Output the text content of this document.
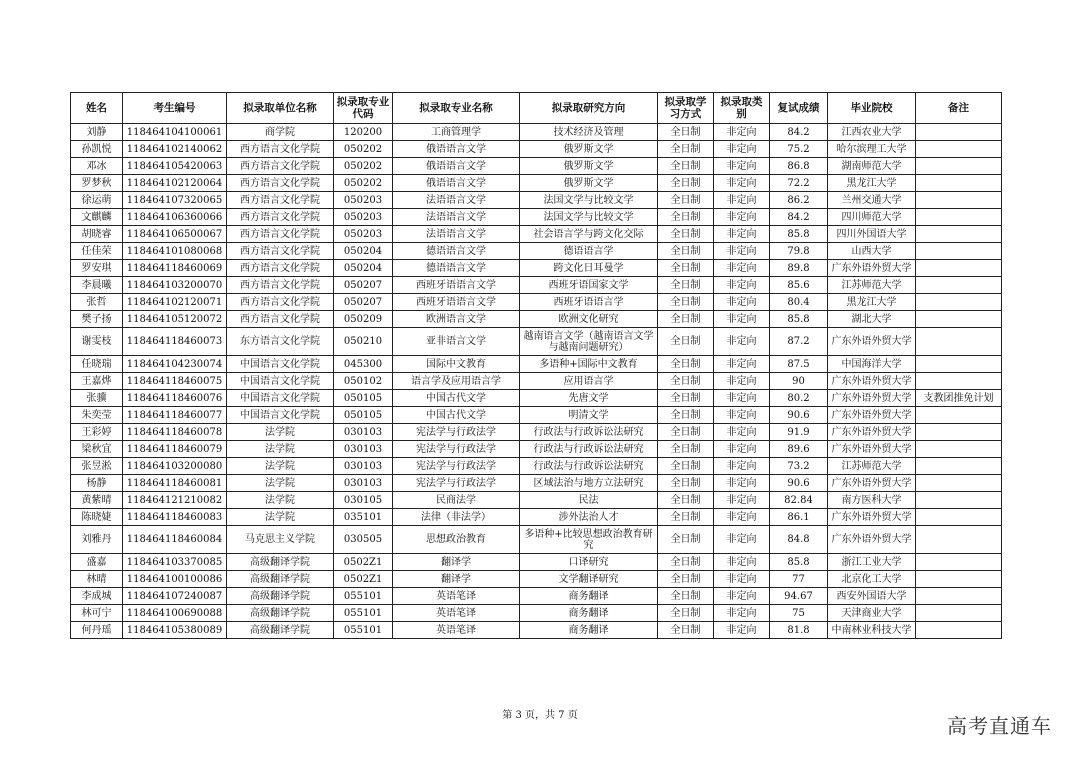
姓名	考生编号	拟录取单位名称	拟录取专业代码	拟录取专业名称	拟录取研究方向	拟录取学习方式	拟录取类别	复试成绩	毕业院校	备注
刘静	118464104100061	商学院	120200	工商管理学	技术经济及管理	全日制	非定向	84.2	江西农业大学	
孙凯悦	118464102140062	西方语言文化学院	050202	俄语语言文学	俄罗斯文学	全日制	非定向	75.2	哈尔滨理工大学	
邓冰	118464105420063	西方语言文化学院	050202	俄语语言文学	俄罗斯文学	全日制	非定向	86.8	湖南师范大学	
罗梦秋	118464102120064	西方语言文化学院	050202	俄语语言文学	俄罗斯文学	全日制	非定向	72.2	黑龙江大学	
徐运萌	118464107320065	西方语言文化学院	050203	法语语言文学	法国文学与比较文学	全日制	非定向	86.2	兰州交通大学	
文麒麟	118464106360066	西方语言文化学院	050203	法语语言文学	法国文学与比较文学	全日制	非定向	84.2	四川师范大学	
胡晓睿	118464106500067	西方语言文化学院	050203	法语语言文学	社会语言学与跨文化交际	全日制	非定向	85.8	四川外国语大学	
任佳荣	118464101080068	西方语言文化学院	050204	德语语言文学	德语语言学	全日制	非定向	79.8	山西大学	
罗安琪	118464118460069	西方语言文化学院	050204	德语语言文学	跨文化日耳曼学	全日制	非定向	89.8	广东外语外贸大学	
李晨曦	118464103200070	西方语言文化学院	050207	西班牙语语言文学	西班牙语国家文学	全日制	非定向	85.6	江苏师范大学	
张哲	118464102120071	西方语言文化学院	050207	西班牙语语言文学	西班牙语语言学	全日制	非定向	80.4	黑龙江大学	
樊子扬	118464105120072	西方语言文化学院	050209	欧洲语言文学	欧洲文化研究	全日制	非定向	85.8	湖北大学	
谢雯枝	118464118460073	东方语言文化学院	050210	亚非语言文学	越南语言文学（越南语言文学与越南问题研究）	全日制	非定向	87.2	广东外语外贸大学	
任晓瑞	118464104230074	中国语言文化学院	045300	国际中文教育	多语种+国际中文教育	全日制	非定向	87.5	中国海洋大学	
王嘉烨	118464118460075	中国语言文化学院	050102	语言学及应用语言学	应用语言学	全日制	非定向	90	广东外语外贸大学	
张骥	118464118460076	中国语言文化学院	050105	中国古代文学	先唐文学	全日制	非定向	80.2	广东外语外贸大学	支教团推免计划
朱奕莹	118464118460077	中国语言文化学院	050105	中国古代文学	明清文学	全日制	非定向	90.6	广东外语外贸大学	
王彩婷	118464118460078	法学院	030103	宪法学与行政法学	行政法与行政诉讼法研究	全日制	非定向	91.9	广东外语外贸大学	
梁秋宜	118464118460079	法学院	030103	宪法学与行政法学	行政法与行政诉讼法研究	全日制	非定向	89.6	广东外语外贸大学	
张昱淞	118464103200080	法学院	030103	宪法学与行政法学	行政法与行政诉讼法研究	全日制	非定向	73.2	江苏师范大学	
杨静	118464118460081	法学院	030103	宪法学与行政法学	区域法治与地方立法研究	全日制	非定向	90.6	广东外语外贸大学	
黄紫晴	118464121210082	法学院	030105	民商法学	民法	全日制	非定向	82.84	南方医科大学	
陈晓婕	118464118460083	法学院	035101	法律（非法学）	涉外法治人才	全日制	非定向	86.1	广东外语外贸大学	
刘雅丹	118464118460084	马克思主义学院	030505	思想政治教育	多语种+比较思想政治教育研究	全日制	非定向	84.8	广东外语外贸大学	
盛嘉	118464103370085	高级翻译学院	0502Z1	翻译学	口译研究	全日制	非定向	85.8	浙江工业大学	
林晴	118464100100086	高级翻译学院	0502Z1	翻译学	文学翻译研究	全日制	非定向	77	北京化工大学	
李成城	118464107240087	高级翻译学院	055101	英语笔译	商务翻译	全日制	非定向	94.67	西安外国语大学	
林可宁	118464100690088	高级翻译学院	055101	英语笔译	商务翻译	全日制	非定向	75	天津商业大学	
何丹瑶	118464105380089	高级翻译学院	055101	英语笔译	商务翻译	全日制	非定向	81.8	中南林业科技大学	
第 3 页，共 7 页	高考直通车
